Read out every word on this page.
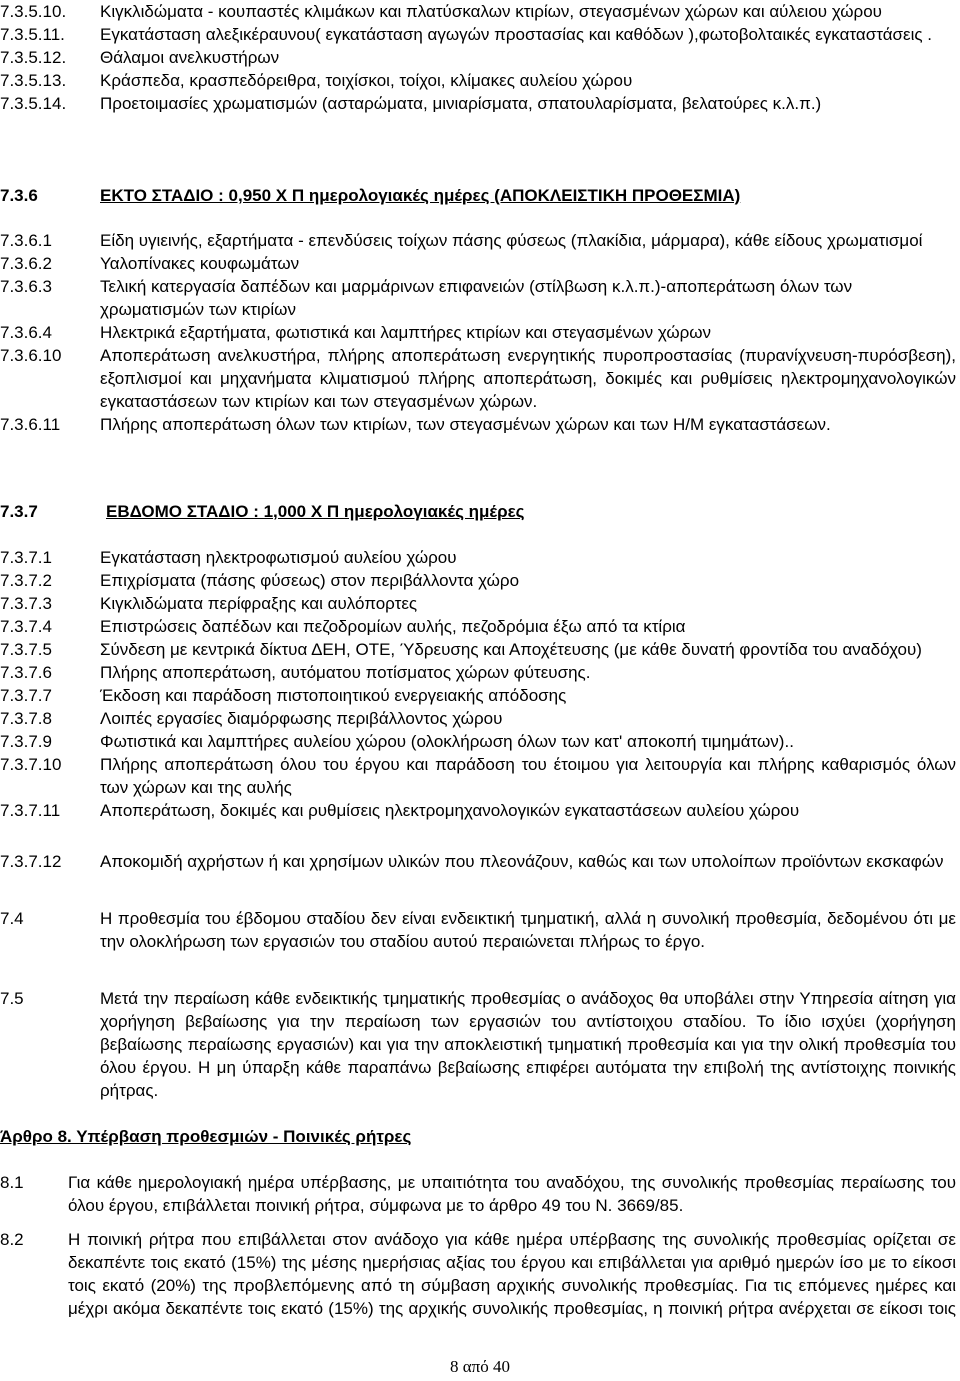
7.3.5.10.	Κιγκλιδώματα - κουπαστές κλιμάκων και πλατύσκαλων κτιρίων, στεγασμένων χώρων και αύλειου χώρου
7.3.5.11.	Εγκατάσταση αλεξικέραυνου( εγκατάσταση αγωγών προστασίας και καθόδων ),φωτοβολταικές εγκαταστάσεις .
7.3.5.12.	Θάλαμοι ανελκυστήρων
7.3.5.13.	Κράσπεδα, κρασπεδόρειθρα, τοιχίσκοι, τοίχοι, κλίμακες αυλείου χώρου
7.3.5.14.	Προετοιμασίες χρωματισμών (ασταρώματα, μινιαρίσματα, σπατουλαρίσματα, βελατούρες κ.λ.π.)
7.3.6	ΕΚΤΟ ΣΤΑΔΙΟ : 0,950 Χ Π ημερολογιακές ημέρες (ΑΠΟΚΛΕΙΣΤΙΚΗ ΠΡΟΘΕΣΜΙΑ)
7.3.6.1	Είδη υγιεινής, εξαρτήματα - επενδύσεις τοίχων πάσης φύσεως (πλακίδια, μάρμαρα), κάθε είδους χρωματισμοί
7.3.6.2	Υαλοπίνακες κουφωμάτων
7.3.6.3	Τελική κατεργασία δαπέδων και μαρμάρινων επιφανειών (στίλβωση κ.λ.π.)-αποπεράτωση όλων των χρωματισμών των κτιρίων
7.3.6.4	Ηλεκτρικά εξαρτήματα, φωτιστικά και λαμπτήρες κτιρίων και στεγασμένων χώρων
7.3.6.10	Αποπεράτωση ανελκυστήρα, πλήρης αποπεράτωση ενεργητικής πυροπροστασίας (πυρανίχνευση-πυρόσβεση), εξοπλισμοί και μηχανήματα κλιματισμού πλήρης αποπεράτωση, δοκιμές και ρυθμίσεις ηλεκτρομηχανολογικών εγκαταστάσεων των κτιρίων και των στεγασμένων χώρων.
7.3.6.11	Πλήρης αποπεράτωση όλων των κτιρίων, των στεγασμένων χώρων και των Η/Μ εγκαταστάσεων.
7.3.7	ΕΒΔΟΜΟ ΣΤΑΔΙΟ : 1,000 Χ Π ημερολογιακές ημέρες
7.3.7.1	Εγκατάσταση ηλεκτροφωτισμού αυλείου χώρου
7.3.7.2	Επιχρίσματα (πάσης φύσεως) στον περιβάλλοντα χώρο
7.3.7.3	Κιγκλιδώματα περίφραξης και αυλόπορτες
7.3.7.4	Επιστρώσεις δαπέδων και πεζοδρομίων αυλής, πεζοδρόμια έξω από τα κτίρια
7.3.7.5	Σύνδεση με κεντρικά δίκτυα ΔΕΗ, ΟΤΕ, Ύδρευσης και Αποχέτευσης (με κάθε δυνατή φροντίδα του αναδόχου)
7.3.7.6	Πλήρης αποπεράτωση, αυτόματου ποτίσματος χώρων φύτευσης.
7.3.7.7	Έκδοση και παράδοση πιστοποιητικού ενεργειακής απόδοσης
7.3.7.8	Λοιπές εργασίες διαμόρφωσης περιβάλλοντος χώρου
7.3.7.9	Φωτιστικά και λαμπτήρες αυλείου χώρου (ολοκλήρωση όλων των κατ' αποκοπή τιμημάτων)..
7.3.7.10	Πλήρης αποπεράτωση όλου του έργου και παράδοση του έτοιμου για λειτουργία και πλήρης καθαρισμός όλων των χώρων και της αυλής
7.3.7.11	Αποπεράτωση, δοκιμές και ρυθμίσεις ηλεκτρομηχανολογικών εγκαταστάσεων αυλείου χώρου
7.3.7.12	Αποκομιδή αχρήστων ή και χρησίμων υλικών που πλεονάζουν, καθώς και των υπολοίπων προϊόντων εκσκαφών
7.4	Η προθεσμία του έβδομου σταδίου δεν είναι ενδεικτική τμηματική, αλλά η συνολική προθεσμία, δεδομένου ότι με την ολοκλήρωση των εργασιών του σταδίου αυτού περαιώνεται πλήρως το έργο.
7.5	Μετά την περαίωση κάθε ενδεικτικής τμηματικής προθεσμίας ο ανάδοχος θα υποβάλει στην Υπηρεσία αίτηση για χορήγηση βεβαίωσης για την περαίωση των εργασιών του αντίστοιχου σταδίου. Το ίδιο ισχύει (χορήγηση βεβαίωσης περαίωσης εργασιών) και για την αποκλειστική τμηματική προθεσμία και για την ολική προθεσμία του όλου έργου. Η μη ύπαρξη κάθε παραπάνω βεβαίωσης επιφέρει αυτόματα την επιβολή της αντίστοιχης ποινικής ρήτρας.
Άρθρο 8. Υπέρβαση προθεσμιών - Ποινικές ρήτρες
8.1	Για κάθε ημερολογιακή ημέρα υπέρβασης, με υπαιτιότητα του αναδόχου, της συνολικής προθεσμίας περαίωσης του όλου έργου, επιβάλλεται ποινική ρήτρα, σύμφωνα με το άρθρο 49 του Ν. 3669/85.
8.2	Η ποινική ρήτρα που επιβάλλεται στον ανάδοχο για κάθε ημέρα υπέρβασης της συνολικής προθεσμίας ορίζεται σε δεκαπέντε τοις εκατό (15%) της μέσης ημερήσιας αξίας του έργου και επιβάλλεται για αριθμό ημερών ίσο με το είκοσι τοις εκατό (20%) της προβλεπόμενης από τη σύμβαση αρχικής συνολικής προθεσμίας. Για τις επόμενες ημέρες και μέχρι ακόμα δεκαπέντε τοις εκατό (15%) της αρχικής συνολικής προθεσμίας, η ποινική ρήτρα ανέρχεται σε είκοσι τοις
8 από 40
